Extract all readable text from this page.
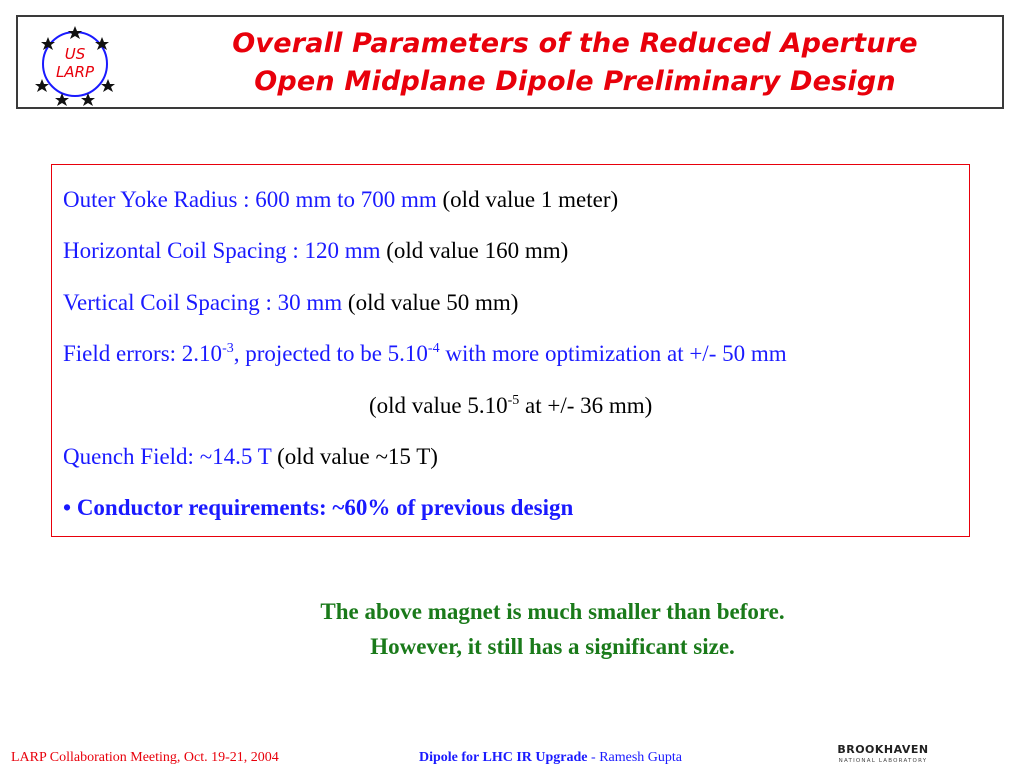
US
LARP
Overall Parameters of the Reduced Aperture
Open Midplane Dipole Preliminary Design
Outer Yoke Radius : 600 mm to 700 mm (old value 1 meter)
Horizontal Coil Spacing : 120 mm (old value 160 mm)
Vertical Coil Spacing : 30 mm (old value 50 mm)
Field errors: $2.10^{-3}$, projected to be $5.10^{-4}$ with more optimization at +/- 50 mm
(old value $5.10^{-5}$ at +/- 36 mm)
Quench Field: ~14.5 T (old value ~15 T)
• Conductor requirements: ~60% of previous design
The above magnet is much smaller than before.
However, it still has a significant size.
LARP Collaboration Meeting, Oct. 19-21, 2004	Dipole for LHC IR Upgrade - Ramesh Gupta
BROOKHAVEN
NATIONAL LABORATORY
